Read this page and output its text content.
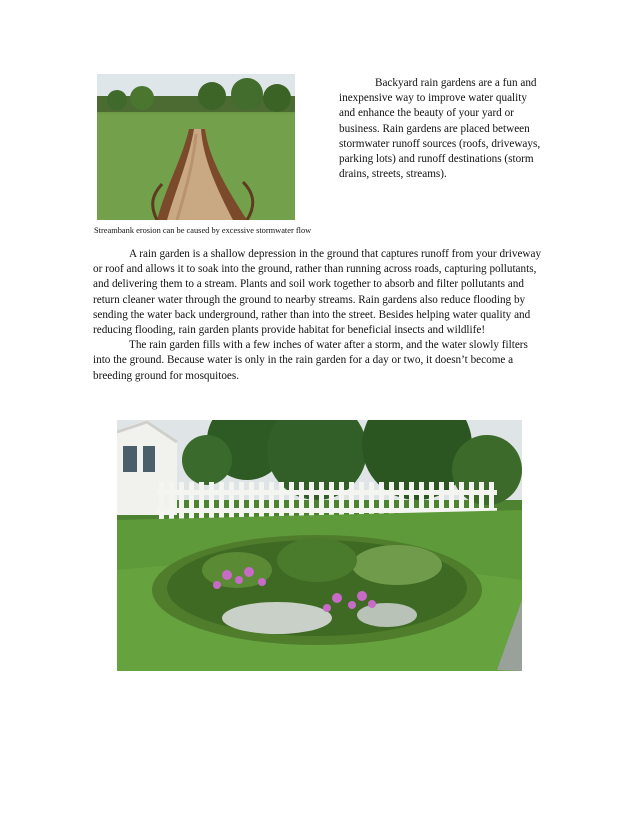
Backyard rain gardens are a fun and inexpensive way to improve water quality and enhance the beauty of your yard or business. Rain gardens are placed between stormwater runoff sources (roofs, driveways, parking lots) and runoff destinations (storm drains, streets, streams).
Streambank erosion can be caused by excessive stormwater flow

A rain garden is a shallow depression in the ground that captures runoff from your driveway or roof and allows it to soak into the ground, rather than running across roads, capturing pollutants, and delivering them to a stream. Plants and soil work together to absorb and filter pollutants and return cleaner water through the ground to nearby streams. Rain gardens also reduce flooding by sending the water back underground, rather than into the street. Besides helping water quality and reducing flooding, rain garden plants provide habitat for beneficial insects and wildlife!

The rain garden fills with a few inches of water after a storm, and the water slowly filters into the ground. Because water is only in the rain garden for a day or two, it doesn’t become a breeding ground for mosquitoes.
